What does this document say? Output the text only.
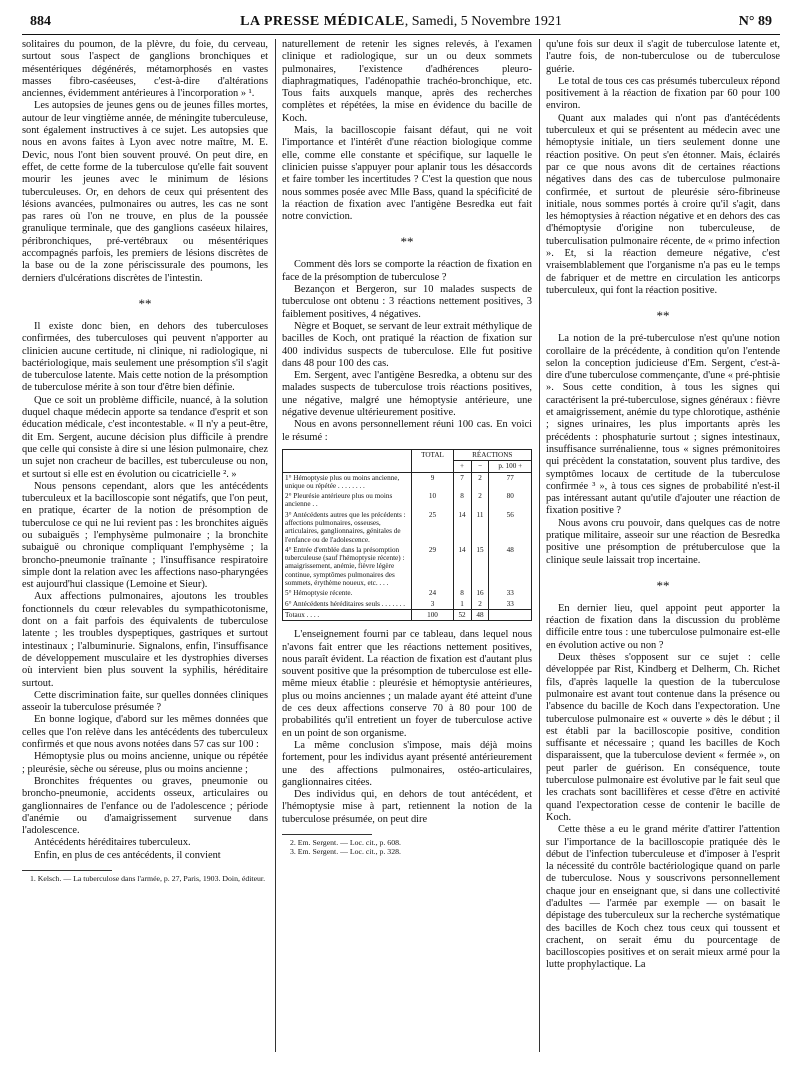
884	LA PRESSE MÉDICALE, Samedi, 5 Novembre 1921	N° 89

solitaires du poumon, de la plèvre, du foie, du cerveau, surtout sous l'aspect de ganglions bronchiques et mésentériques dégénérés, métamorphosés en vastes masses fibro-caséeuses, c'est-à-dire d'altérations anciennes, évidemment antérieures à l'incorporation » ¹.

Les autopsies de jeunes gens ou de jeunes filles mortes, autour de leur vingtième année, de méningite tuberculeuse, sont également instructives à ce sujet. Les autopsies que nous en avons faites à Lyon avec notre maître, M. E. Devic, nous l'ont bien souvent prouvé. On peut dire, en effet, de cette forme de la tuberculose qu'elle fait souvent mourir les jeunes avec le minimum de lésions tuberculeuses. Or, en dehors de ceux qui présentent des lésions avancées, pulmonaires ou autres, les cas ne sont pas rares où l'on ne trouve, en plus de la poussée granulique terminale, que des ganglions caséeux hilaires, péribronchiques, pré-vertébraux ou mésentériques accompagnés parfois, les premiers de lésions discrètes de la base ou de la zone périscissurale des poumons, les derniers d'ulcérations discrètes de l'intestin.

**

Il existe donc bien, en dehors des tuberculoses confirmées, des tuberculoses qui peuvent n'apporter au clinicien aucune certitude, ni clinique, ni radiologique, ni bactériologique, mais seulement une présomption s'il s'agit de tuberculose latente. Mais cette notion de la présomption de tuberculose mérite à son tour d'être bien définie.

Que ce soit un problème difficile, nuancé, à la solution duquel chaque médecin apporte sa tendance d'esprit et son éducation médicale, c'est incontestable. « Il n'y a peut-être, dit Em. Sergent, aucune décision plus difficile à prendre que celle qui consiste à dire si une lésion pulmonaire, chez un sujet non cracheur de bacilles, est tuberculeuse ou non, et surtout si elle est en évolution ou cicatricielle ². »

Nous pensons cependant, alors que les antécédents tuberculeux et la bacilloscopie sont négatifs, que l'on peut, en pratique, écarter de la notion de présomption de tuberculose ce qui ne lui revient pas : les bronchites aiguës ou subaiguës ; l'emphysème pulmonaire ; la bronchite subaiguë ou chronique compliquant l'emphysème ; la broncho-pneumonie traînante ; l'insuffisance respiratoire simple dont la relation avec les affections naso-pharyngées est aujourd'hui classique (Lemoine et Sieur).

Aux affections pulmonaires, ajoutons les troubles fonctionnels du cœur relevables du sympathicotonisme, dont on a fait parfois des équivalents de tuberculose latente ; les troubles dyspeptiques, gastriques et surtout intestinaux ; l'albuminurie. Signalons, enfin, l'insuffisance de développement musculaire et les dystrophies diverses où intervient bien plus souvent la syphilis, héréditaire surtout.

Cette discrimination faite, sur quelles données cliniques asseoir la tuberculose présumée ?

En bonne logique, d'abord sur les mêmes données que celles que l'on relève dans les antécédents des tuberculeux confirmés et que nous avons notées dans 57 cas sur 100 :

Hémoptysie plus ou moins ancienne, unique ou répétée ; pleurésie, sèche ou séreuse, plus ou moins ancienne ;

Bronchites fréquentes ou graves, pneumonie ou broncho-pneumonie, accidents osseux, articulaires ou ganglionnaires de l'enfance ou de l'adolescence ; période d'anémie ou d'amaigrissement survenue dans l'adolescence.

Antécédents héréditaires tuberculeux.

Enfin, en plus de ces antécédents, il convient

1. Kelsch. — La tuberculose dans l'armée, p. 27, Paris, 1903. Doin, éditeur.

naturellement de retenir les signes relevés, à l'examen clinique et radiologique, sur un ou deux sommets pulmonaires, l'existence d'adhérences pleuro-diaphragmatiques, l'adénopathie trachéo-bronchique, etc. Tous faits auxquels manque, après des recherches complètes et répétées, la mise en évidence du bacille de Koch.

Mais, la bacilloscopie faisant défaut, qui ne voit l'importance et l'intérêt d'une réaction biologique comme elle, comme elle constante et spécifique, sur laquelle le clinicien puisse s'appuyer pour aplanir tous les désaccords et faire tomber les incertitudes ? C'est la question que nous nous sommes posée avec Mlle Bass, quand la spécificité de la réaction de fixation avec l'antigène Besredka eut fait notre conviction.

**

Comment dès lors se comporte la réaction de fixation en face de la présomption de tuberculose ?

Bezançon et Bergeron, sur 10 malades suspects de tuberculose ont obtenu : 3 réactions nettement positives, 3 faiblement positives, 4 négatives.

Nègre et Boquet, se servant de leur extrait méthylique de bacilles de Koch, ont pratiqué la réaction de fixation sur 400 individus suspects de tuberculose. Elle fut positive dans 48 pour 100 des cas.

Em. Sergent, avec l'antigène Besredka, a obtenu sur des malades suspects de tuberculose trois réactions positives, une négative, malgré une hémoptysie antérieure, une négative devenue ultérieurement positive.

Nous en avons personnellement réuni 100 cas. En voici le résumé :

	TOTAL	RÉACTIONS		
		+	−	p. 100 +
1° Hémoptysie plus ou moins ancienne, unique ou répétée . . . . . . . .	9	7	2	77
2° Pleurésie antérieure plus ou moins ancienne . .	10	8	2	80
3° Antécédents autres que les précédents : affections pulmonaires, osseuses, articulaires, ganglionnaires, génitales de l'enfance ou de l'adolescence.	25	14	11	56
4° Entrée d'emblée dans la présomption tuberculeuse (sauf l'hémoptysie récente) : amaigrissement, anémie, fièvre légère continue, symptômes pulmonaires des sommets, érythème noueux, etc. . . .	29	14	15	48
5° Hémoptysie récente.	24	8	16	33
6° Antécédents héréditaires seuls . . . . . . .	3	1	2	33
Totaux . . . .	100	52	48	

L'enseignement fourni par ce tableau, dans lequel nous n'avons fait entrer que les réactions nettement positives, nous paraît évident. La réaction de fixation est d'autant plus souvent positive que la présomption de tuberculose est elle-même mieux établie : pleurésie et hémoptysie antérieures, plus ou moins anciennes ; un malade ayant été atteint d'une de ces deux affections conserve 70 à 80 pour 100 de probabilités qu'il entretient un foyer de tuberculose active en un point de son organisme.

La même conclusion s'impose, mais déjà moins fortement, pour les individus ayant présenté antérieurement une des affections pulmonaires, ostéo-articulaires, ganglionnaires citées.

Des individus qui, en dehors de tout antécédent, et l'hémoptysie mise à part, retiennent la notion de la tuberculose présumée, on peut dire

2. Em. Sergent. — Loc. cit., p. 608.

3. Em. Sergent. — Loc. cit., p. 328.

qu'une fois sur deux il s'agit de tuberculose latente et, l'autre fois, de non-tuberculose ou de tuberculose guérie.

Le total de tous ces cas présumés tuberculeux répond positivement à la réaction de fixation par 60 pour 100 environ.

Quant aux malades qui n'ont pas d'antécédents tuberculeux et qui se présentent au médecin avec une hémoptysie initiale, un tiers seulement donne une réaction positive. On peut s'en étonner. Mais, éclairés par ce que nous avons dit de certaines réactions négatives dans des cas de tuberculose pulmonaire confirmée, et surtout de pleurésie séro-fibrineuse initiale, nous sommes portés à croire qu'il s'agit, dans les hémoptysies à réaction négative et en dehors des cas d'hémoptysie d'origine non tuberculeuse, de tuberculisation pulmonaire récente, de « primo infection ». Et, si la réaction demeure négative, c'est vraisemblablement que l'organisme n'a pas eu le temps de fabriquer et de mettre en circulation les anticorps tuberculeux, qui font la réaction positive.

**

La notion de la pré-tuberculose n'est qu'une notion corollaire de la précédente, à condition qu'on l'entende selon la conception judicieuse d'Em. Sergent, c'est-à-dire d'une tuberculose commençante, d'une « pré-phtisie ». Sous cette condition, à tous les signes qui caractérisent la pré-tuberculose, signes généraux : fièvre et amaigrissement, anémie du type chlorotique, asthénie ; signes urinaires, les plus importants après les précédents : phosphaturie surtout ; signes intestinaux, insuffisance surrénalienne, tous « signes prémonitoires qui précèdent la constatation, souvent plus tardive, des symptômes locaux de certitude de la tuberculose confirmée ³ », à tous ces signes de probabilité n'est-il pas intéressant autant qu'utile d'ajouter une réaction de fixation positive ?

Nous avons cru pouvoir, dans quelques cas de notre pratique militaire, asseoir sur une réaction de Besredka positive une présomption de prétuberculose que la clinique seule laissait trop incertaine.

**

En dernier lieu, quel appoint peut apporter la réaction de fixation dans la discussion du problème difficile entre tous : une tuberculose pulmonaire est-elle en évolution active ou non ?

Deux thèses s'opposent sur ce sujet : celle développée par Rist, Kindberg et Delherm, Ch. Richet fils, d'après laquelle la question de la tuberculose pulmonaire est avant tout contenue dans la présence ou l'absence du bacille de Koch dans l'expectoration. Une tuberculose pulmonaire est « ouverte » dès le début ; il est établi par la bacilloscopie positive, condition suffisante et nécessaire ; quand les bacilles de Koch disparaissent, que la tuberculose devient « fermée », on peut parler de guérison. En conséquence, toute tuberculose pulmonaire est évolutive par le fait seul que les crachats sont bacillifères et cesse d'être en activité quand l'expectoration cesse de contenir le bacille de Koch.

Cette thèse a eu le grand mérite d'attirer l'attention sur l'importance de la bacilloscopie pratiquée dès le début de l'infection tuberculeuse et d'imposer à l'esprit la nécessité du contrôle bactériologique quand on parle de tuberculose. Nous y souscrivons personnellement chaque jour en enseignant que, si dans une collectivité d'adultes — l'armée par exemple — on basait le dépistage des tuberculeux sur la recherche systématique des bacilles de Koch chez tous ceux qui toussent et crachent, on serait ému du pourcentage de bacilloscopies positives et on serait mieux armé pour la lutte prophylactique. La
